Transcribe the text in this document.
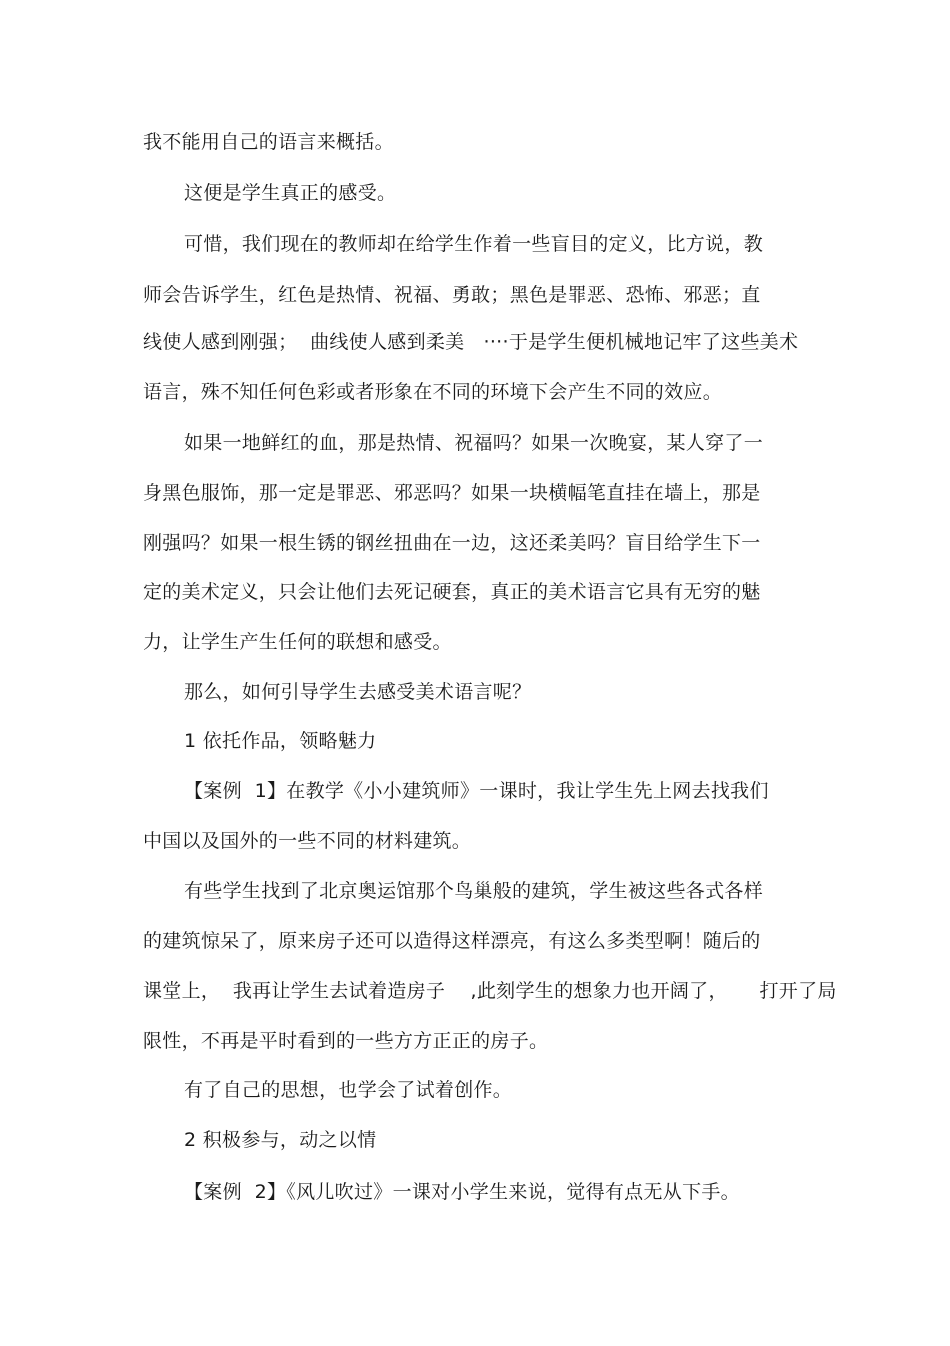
我不能用自己的语言来概括。
这便是学生真正的感受。
可惜，我们现在的教师却在给学生作着一些盲目的定义，比方说，教
师会告诉学生，红色是热情、祝福、勇敢；黑色是罪恶、恐怖、邪恶；直
线使人感到刚强；  曲线使人感到柔美   ····于是学生便机械地记牢了这些美术
语言，殊不知任何色彩或者形象在不同的环境下会产生不同的效应。
如果一地鲜红的血，那是热情、祝福吗？如果一次晚宴，某人穿了一
身黑色服饰，那一定是罪恶、邪恶吗？如果一块横幅笔直挂在墙上，那是
刚强吗？如果一根生锈的钢丝扭曲在一边，这还柔美吗？盲目给学生下一
定的美术定义，只会让他们去死记硬套，真正的美术语言它具有无穷的魅
力，让学生产生任何的联想和感受。
那么，如何引导学生去感受美术语言呢？
1 依托作品，领略魅力
【案例  1】在教学《小小建筑师》一课时，我让学生先上网去找我们
中国以及国外的一些不同的材料建筑。
有些学生找到了北京奥运馆那个鸟巢般的建筑，学生被这些各式各样
的建筑惊呆了，原来房子还可以造得这样漂亮，有这么多类型啊！随后的
课堂上，  我再让学生去试着造房子    ,此刻学生的想象力也开阔了，     打开了局
限性，不再是平时看到的一些方方正正的房子。
有了自己的思想，也学会了试着创作。
2 积极参与，动之以情
【案例  2】《风儿吹过》一课对小学生来说，觉得有点无从下手。
